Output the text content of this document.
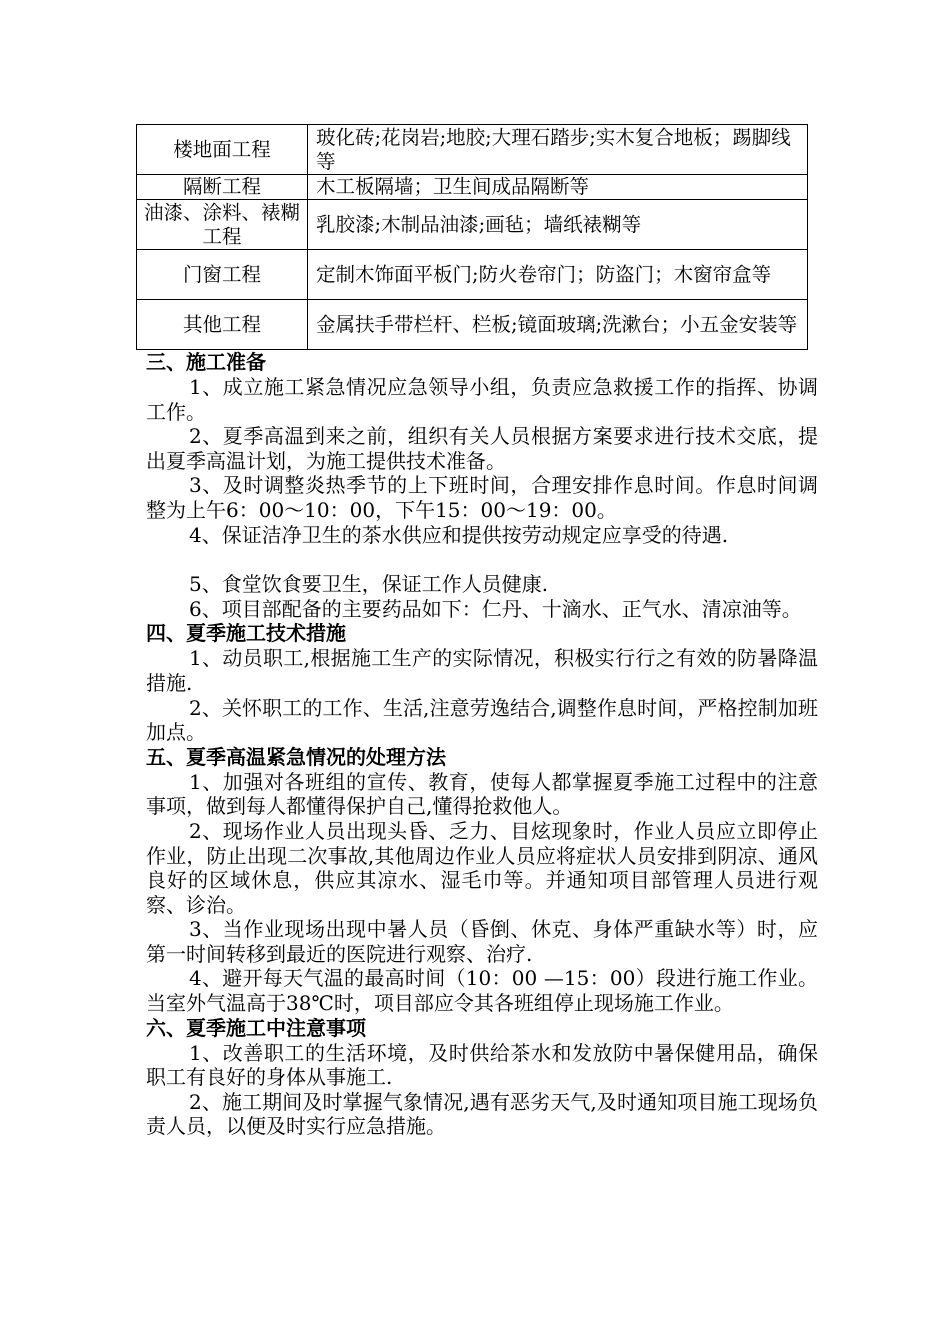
楼地面工程	玻化砖;花岗岩;地胶;大理石踏步;实木复合地板；踢脚线等
隔断工程	木工板隔墙；卫生间成品隔断等
油漆、涂料、裱糊工程	乳胶漆;木制品油漆;画毡；墙纸裱糊等
门窗工程	定制木饰面平板门;防火卷帘门；防盗门；木窗帘盒等
其他工程	金属扶手带栏杆、栏板;镜面玻璃;洗漱台；小五金安装等

三、施工准备

1、成立施工紧急情况应急领导小组，负责应急救援工作的指挥、协调工作。

2、夏季高温到来之前，组织有关人员根据方案要求进行技术交底，提出夏季高温计划，为施工提供技术准备。

3、及时调整炎热季节的上下班时间，合理安排作息时间。作息时间调整为上午6：00～10：00，下午15：00～19：00。

4、保证洁净卫生的茶水供应和提供按劳动规定应享受的待遇.

5、食堂饮食要卫生，保证工作人员健康.

6、项目部配备的主要药品如下：仁丹、十滴水、正气水、清凉油等。

四、夏季施工技术措施

1、动员职工,根据施工生产的实际情况，积极实行行之有效的防暑降温措施.

2、关怀职工的工作、生活,注意劳逸结合,调整作息时间，严格控制加班加点。

五、夏季高温紧急情况的处理方法

1、加强对各班组的宣传、教育，使每人都掌握夏季施工过程中的注意事项，做到每人都懂得保护自己,懂得抢救他人。

2、现场作业人员出现头昏、乏力、目炫现象时，作业人员应立即停止作业，防止出现二次事故,其他周边作业人员应将症状人员安排到阴凉、通风良好的区域休息，供应其凉水、湿毛巾等。并通知项目部管理人员进行观察、诊治。

3、当作业现场出现中暑人员（昏倒、休克、身体严重缺水等）时，应第一时间转移到最近的医院进行观察、治疗.

4、避开每天气温的最高时间（10：00 —15：00）段进行施工作业。当室外气温高于38℃时，项目部应令其各班组停止现场施工作业。

六、夏季施工中注意事项

1、改善职工的生活环境，及时供给茶水和发放防中暑保健用品，确保职工有良好的身体从事施工.

2、施工期间及时掌握气象情况,遇有恶劣天气,及时通知项目施工现场负责人员，以便及时实行应急措施。
